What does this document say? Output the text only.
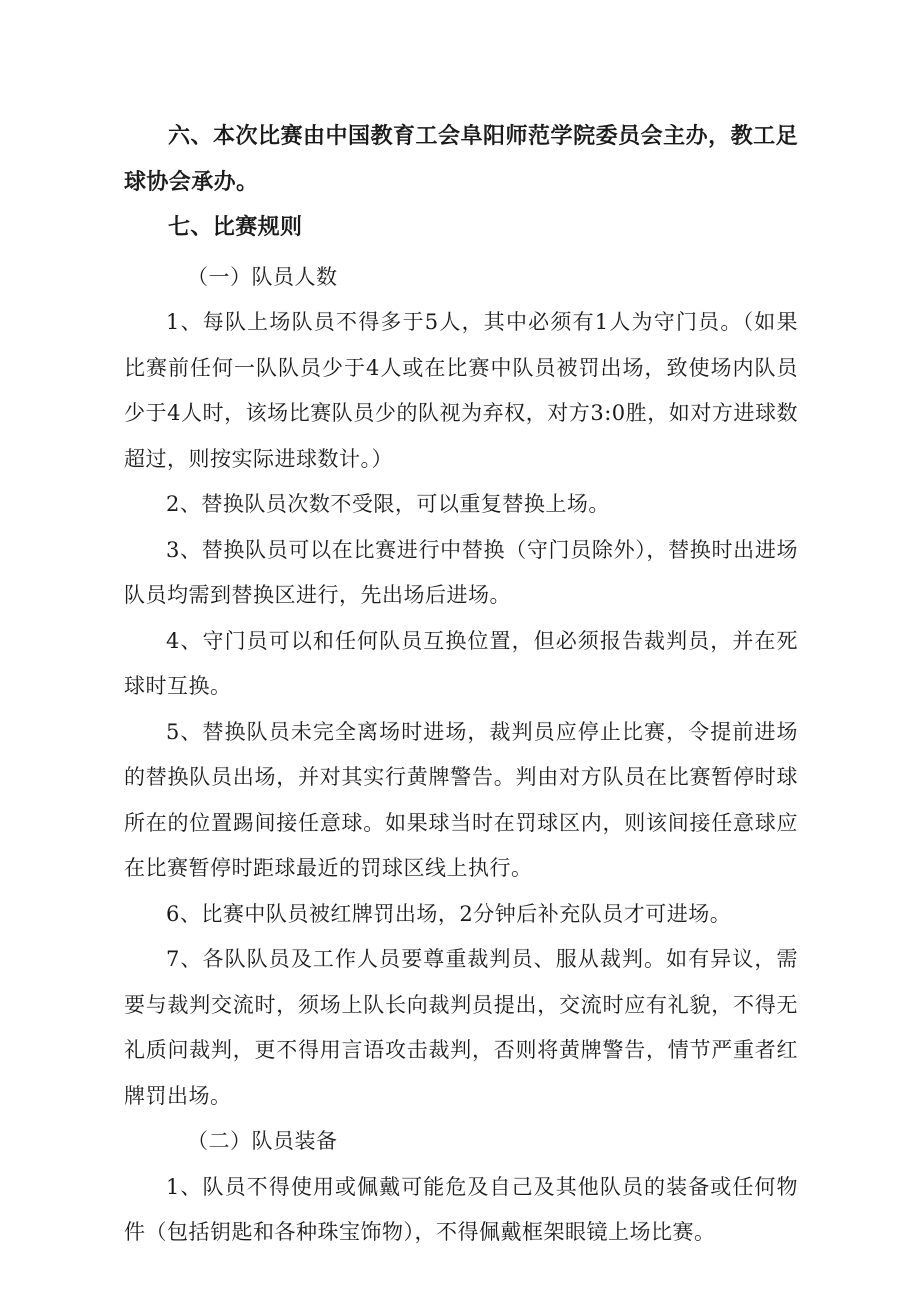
六、本次比赛由中国教育工会阜阳师范学院委员会主办，教工足球协会承办。

七、比赛规则

（一）队员人数

1、每队上场队员不得多于5人，其中必须有1人为守门员。（如果比赛前任何一队队员少于4人或在比赛中队员被罚出场，致使场内队员少于4人时，该场比赛队员少的队视为弃权，对方3:0胜，如对方进球数超过，则按实际进球数计。）

2、替换队员次数不受限，可以重复替换上场。

3、替换队员可以在比赛进行中替换（守门员除外），替换时出进场队员均需到替换区进行，先出场后进场。

4、守门员可以和任何队员互换位置，但必须报告裁判员，并在死球时互换。

5、替换队员未完全离场时进场，裁判员应停止比赛，令提前进场的替换队员出场，并对其实行黄牌警告。判由对方队员在比赛暂停时球所在的位置踢间接任意球。如果球当时在罚球区内，则该间接任意球应在比赛暂停时距球最近的罚球区线上执行。

6、比赛中队员被红牌罚出场，2分钟后补充队员才可进场。

7、各队队员及工作人员要尊重裁判员、服从裁判。如有异议，需要与裁判交流时，须场上队长向裁判员提出，交流时应有礼貌，不得无礼质问裁判，更不得用言语攻击裁判，否则将黄牌警告，情节严重者红牌罚出场。

（二）队员装备

1、队员不得使用或佩戴可能危及自己及其他队员的装备或任何物件（包括钥匙和各种珠宝饰物），不得佩戴框架眼镜上场比赛。
